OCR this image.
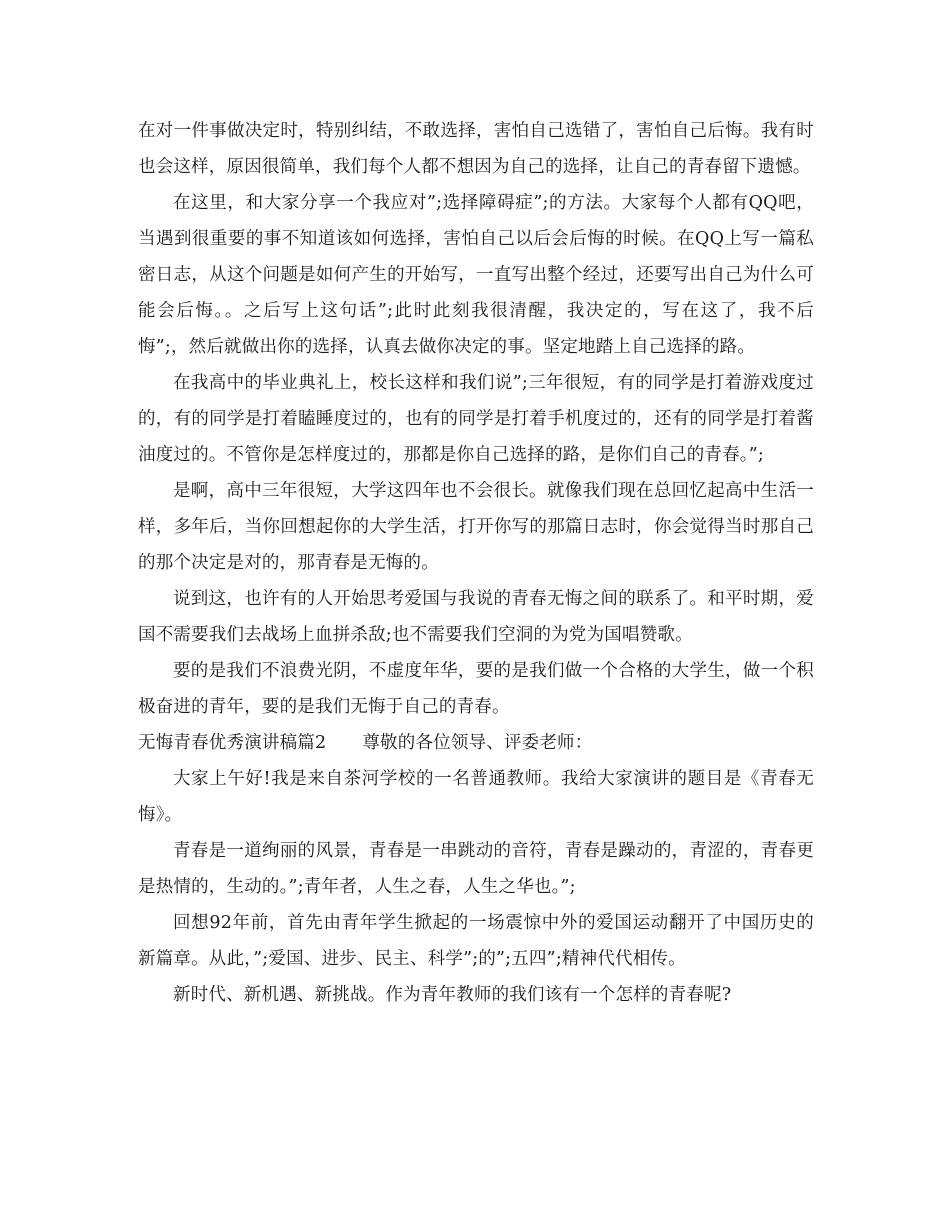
在对一件事做决定时，特别纠结，不敢选择，害怕自己选错了，害怕自己后悔。我有时也会这样，原因很简单，我们每个人都不想因为自己的选择，让自己的青春留下遗憾。

在这里，和大家分享一个我应对”;选择障碍症”;的方法。大家每个人都有QQ吧，当遇到很重要的事不知道该如何选择，害怕自己以后会后悔的时候。在QQ上写一篇私密日志，从这个问题是如何产生的开始写，一直写出整个经过，还要写出自己为什么可能会后悔。。之后写上这句话”;此时此刻我很清醒，我决定的，写在这了，我不后悔”;，然后就做出你的选择，认真去做你决定的事。坚定地踏上自己选择的路。

在我高中的毕业典礼上，校长这样和我们说”;三年很短，有的同学是打着游戏度过的，有的同学是打着瞌睡度过的，也有的同学是打着手机度过的，还有的同学是打着酱油度过的。不管你是怎样度过的，那都是你自己选择的路，是你们自己的青春。”;

是啊，高中三年很短，大学这四年也不会很长。就像我们现在总回忆起高中生活一样，多年后，当你回想起你的大学生活，打开你写的那篇日志时，你会觉得当时那自己的那个决定是对的，那青春是无悔的。

说到这，也许有的人开始思考爱国与我说的青春无悔之间的联系了。和平时期，爱国不需要我们去战场上血拼杀敌;也不需要我们空洞的为党为国唱赞歌。

要的是我们不浪费光阴，不虚度年华，要的是我们做一个合格的大学生，做一个积极奋进的青年，要的是我们无悔于自己的青春。

无悔青春优秀演讲稿篇2 尊敬的各位领导、评委老师：

大家上午好!我是来自茶河学校的一名普通教师。我给大家演讲的题目是《青春无悔》。

青春是一道绚丽的风景，青春是一串跳动的音符，青春是躁动的，青涩的，青春更是热情的，生动的。”;青年者，人生之春，人生之华也。”;

回想92年前，首先由青年学生掀起的一场震惊中外的爱国运动翻开了中国历史的新篇章。从此，”;爱国、进步、民主、科学”;的”;五四”;精神代代相传。

新时代、新机遇、新挑战。作为青年教师的我们该有一个怎样的青春呢?
